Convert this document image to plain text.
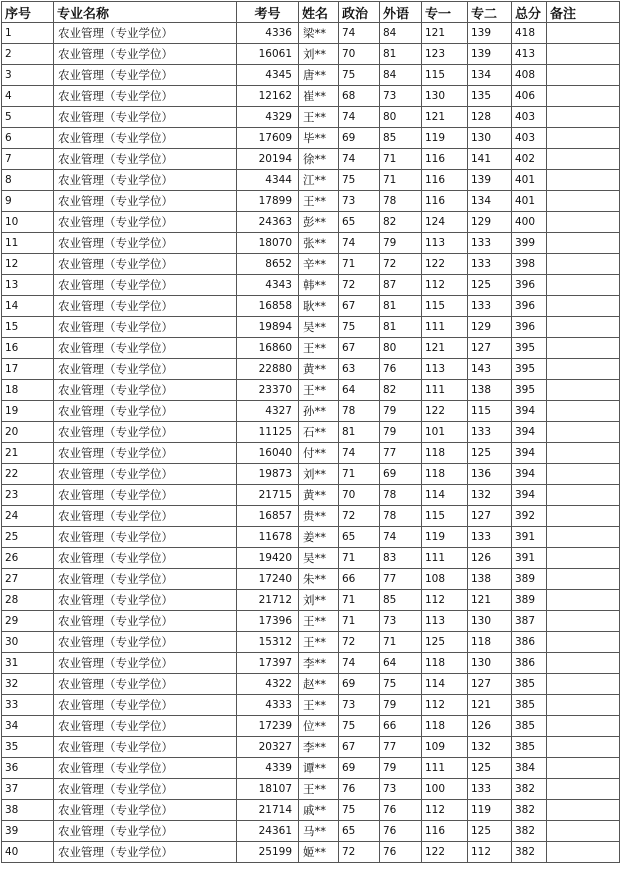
序号	专业名称	考号	姓名	政治	外语	专一	专二	总分	备注
1	农业管理（专业学位）	4336	梁**	74	84	121	139	418	
2	农业管理（专业学位）	16061	刘**	70	81	123	139	413	
3	农业管理（专业学位）	4345	唐**	75	84	115	134	408	
4	农业管理（专业学位）	12162	崔**	68	73	130	135	406	
5	农业管理（专业学位）	4329	王**	74	80	121	128	403	
6	农业管理（专业学位）	17609	毕**	69	85	119	130	403	
7	农业管理（专业学位）	20194	徐**	74	71	116	141	402	
8	农业管理（专业学位）	4344	江**	75	71	116	139	401	
9	农业管理（专业学位）	17899	王**	73	78	116	134	401	
10	农业管理（专业学位）	24363	彭**	65	82	124	129	400	
11	农业管理（专业学位）	18070	张**	74	79	113	133	399	
12	农业管理（专业学位）	8652	辛**	71	72	122	133	398	
13	农业管理（专业学位）	4343	韩**	72	87	112	125	396	
14	农业管理（专业学位）	16858	耿**	67	81	115	133	396	
15	农业管理（专业学位）	19894	吴**	75	81	111	129	396	
16	农业管理（专业学位）	16860	王**	67	80	121	127	395	
17	农业管理（专业学位）	22880	黄**	63	76	113	143	395	
18	农业管理（专业学位）	23370	王**	64	82	111	138	395	
19	农业管理（专业学位）	4327	孙**	78	79	122	115	394	
20	农业管理（专业学位）	11125	石**	81	79	101	133	394	
21	农业管理（专业学位）	16040	付**	74	77	118	125	394	
22	农业管理（专业学位）	19873	刘**	71	69	118	136	394	
23	农业管理（专业学位）	21715	黄**	70	78	114	132	394	
24	农业管理（专业学位）	16857	贵**	72	78	115	127	392	
25	农业管理（专业学位）	11678	姜**	65	74	119	133	391	
26	农业管理（专业学位）	19420	吴**	71	83	111	126	391	
27	农业管理（专业学位）	17240	朱**	66	77	108	138	389	
28	农业管理（专业学位）	21712	刘**	71	85	112	121	389	
29	农业管理（专业学位）	17396	王**	71	73	113	130	387	
30	农业管理（专业学位）	15312	王**	72	71	125	118	386	
31	农业管理（专业学位）	17397	李**	74	64	118	130	386	
32	农业管理（专业学位）	4322	赵**	69	75	114	127	385	
33	农业管理（专业学位）	4333	王**	73	79	112	121	385	
34	农业管理（专业学位）	17239	位**	75	66	118	126	385	
35	农业管理（专业学位）	20327	李**	67	77	109	132	385	
36	农业管理（专业学位）	4339	谭**	69	79	111	125	384	
37	农业管理（专业学位）	18107	王**	76	73	100	133	382	
38	农业管理（专业学位）	21714	戚**	75	76	112	119	382	
39	农业管理（专业学位）	24361	马**	65	76	116	125	382	
40	农业管理（专业学位）	25199	姬**	72	76	122	112	382	
